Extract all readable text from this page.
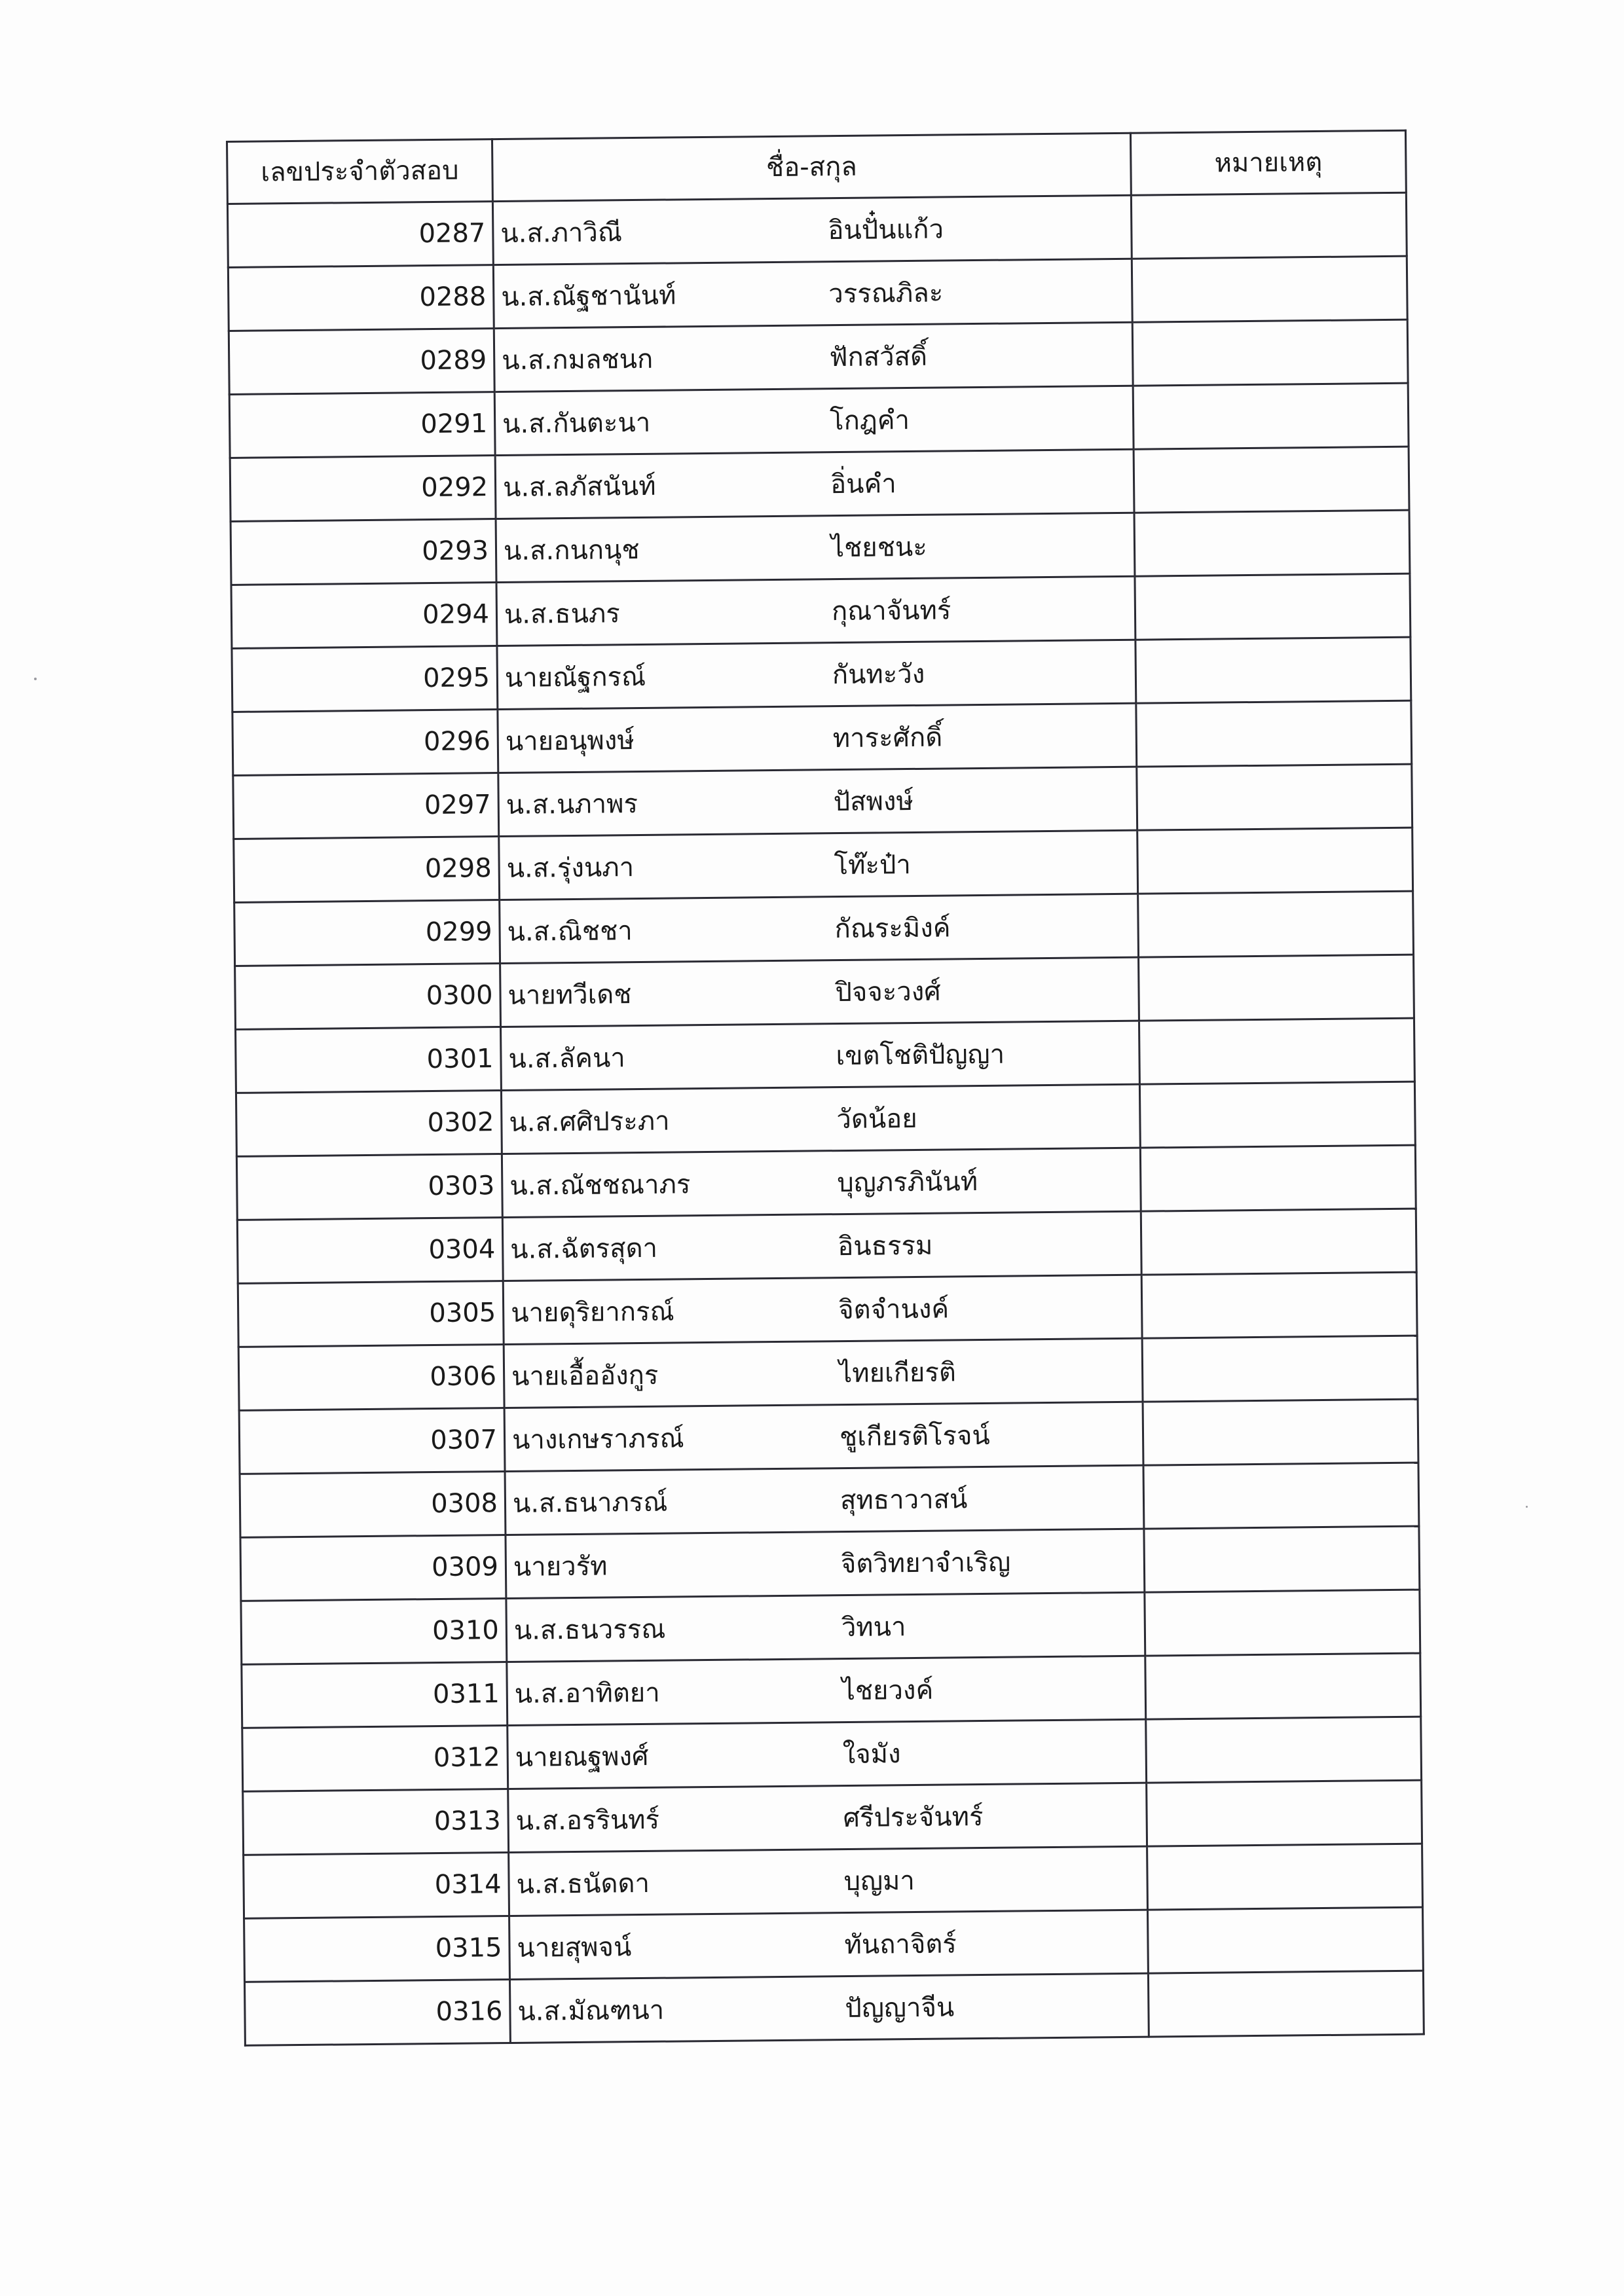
เลขประจำตัวสอบ	ชื่อ-สกุล	หมายเหตุ
0287	น.ส.ภาวิณี อินปั๋นแก้ว	
0288	น.ส.ณัฐชานันท์ วรรณภิละ	
0289	น.ส.กมลชนก ฟักสวัสดิ์	
0291	น.ส.กันตะนา โกฎคำ	
0292	น.ส.ลภัสนันท์ อิ่นคำ	
0293	น.ส.กนกนุช ไชยชนะ	
0294	น.ส.ธนภร กุณาจันทร์	
0295	นายณัฐกรณ์ กันทะวัง	
0296	นายอนุพงษ์ ทาระศักดิ์	
0297	น.ส.นภาพร ปัสพงษ์	
0298	น.ส.รุ่งนภา โท๊ะป๋า	
0299	น.ส.ณิชชา กัณระมิงค์	
0300	นายทวีเดช ปิจจะวงศ์	
0301	น.ส.ลัคนา เขตโชติปัญญา	
0302	น.ส.ศศิประภา วัดน้อย	
0303	น.ส.ณัชชณาภร บุญภรภินันท์	
0304	น.ส.ฉัตรสุดา อินธรรม	
0305	นายดุริยากรณ์ จิตจำนงค์	
0306	นายเอื้ออังกูร ไทยเกียรติ	
0307	นางเกษราภรณ์ ชูเกียรติโรจน์	
0308	น.ส.ธนาภรณ์ สุทธาวาสน์	
0309	นายวรัท จิตวิทยาจำเริญ	
0310	น.ส.ธนวรรณ วิทนา	
0311	น.ส.อาทิตยา ไชยวงค์	
0312	นายณฐพงศ์ ใจมัง	
0313	น.ส.อรรินทร์ ศรีประจันทร์	
0314	น.ส.ธนัดดา บุญมา	
0315	นายสุพจน์ ทันถาจิตร์	
0316	น.ส.มัณฑนา ปัญญาจีน	
